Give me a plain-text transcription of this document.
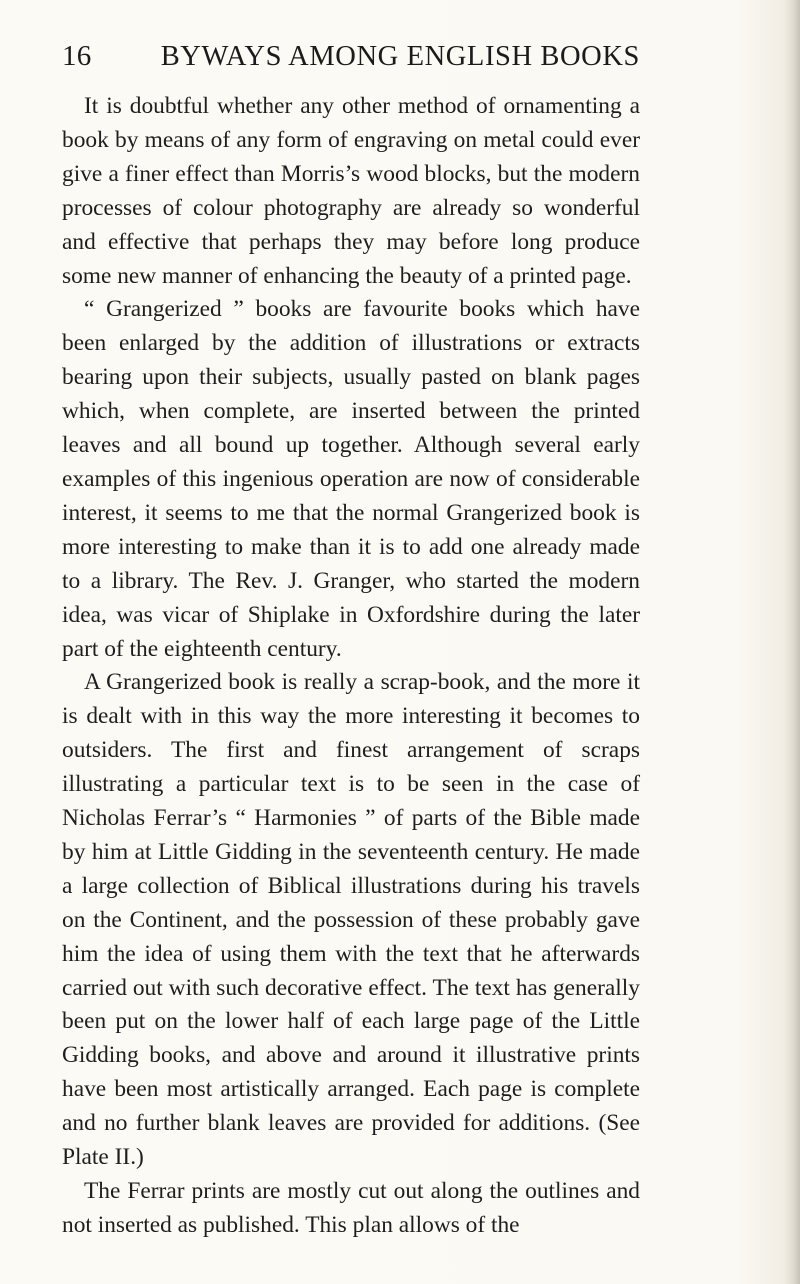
16 BYWAYS AMONG ENGLISH BOOKS

It is doubtful whether any other method of ornamenting a book by means of any form of engraving on metal could ever give a finer effect than Morris’s wood blocks, but the modern processes of colour photography are already so wonderful and effective that perhaps they may before long produce some new manner of enhancing the beauty of a printed page.

“ Grangerized ” books are favourite books which have been enlarged by the addition of illustrations or extracts bearing upon their subjects, usually pasted on blank pages which, when complete, are inserted between the printed leaves and all bound up together. Although several early examples of this ingenious operation are now of considerable interest, it seems to me that the normal Grangerized book is more interesting to make than it is to add one already made to a library. The Rev. J. Granger, who started the modern idea, was vicar of Shiplake in Oxfordshire during the later part of the eighteenth century.

A Grangerized book is really a scrap-book, and the more it is dealt with in this way the more interesting it becomes to outsiders. The first and finest arrangement of scraps illustrating a particular text is to be seen in the case of Nicholas Ferrar’s “ Harmonies ” of parts of the Bible made by him at Little Gidding in the seventeenth century. He made a large collection of Biblical illustrations during his travels on the Continent, and the possession of these probably gave him the idea of using them with the text that he afterwards carried out with such decorative effect. The text has generally been put on the lower half of each large page of the Little Gidding books, and above and around it illustrative prints have been most artistically arranged. Each page is complete and no further blank leaves are provided for additions. (See Plate II.)

The Ferrar prints are mostly cut out along the outlines and not inserted as published. This plan allows of the
